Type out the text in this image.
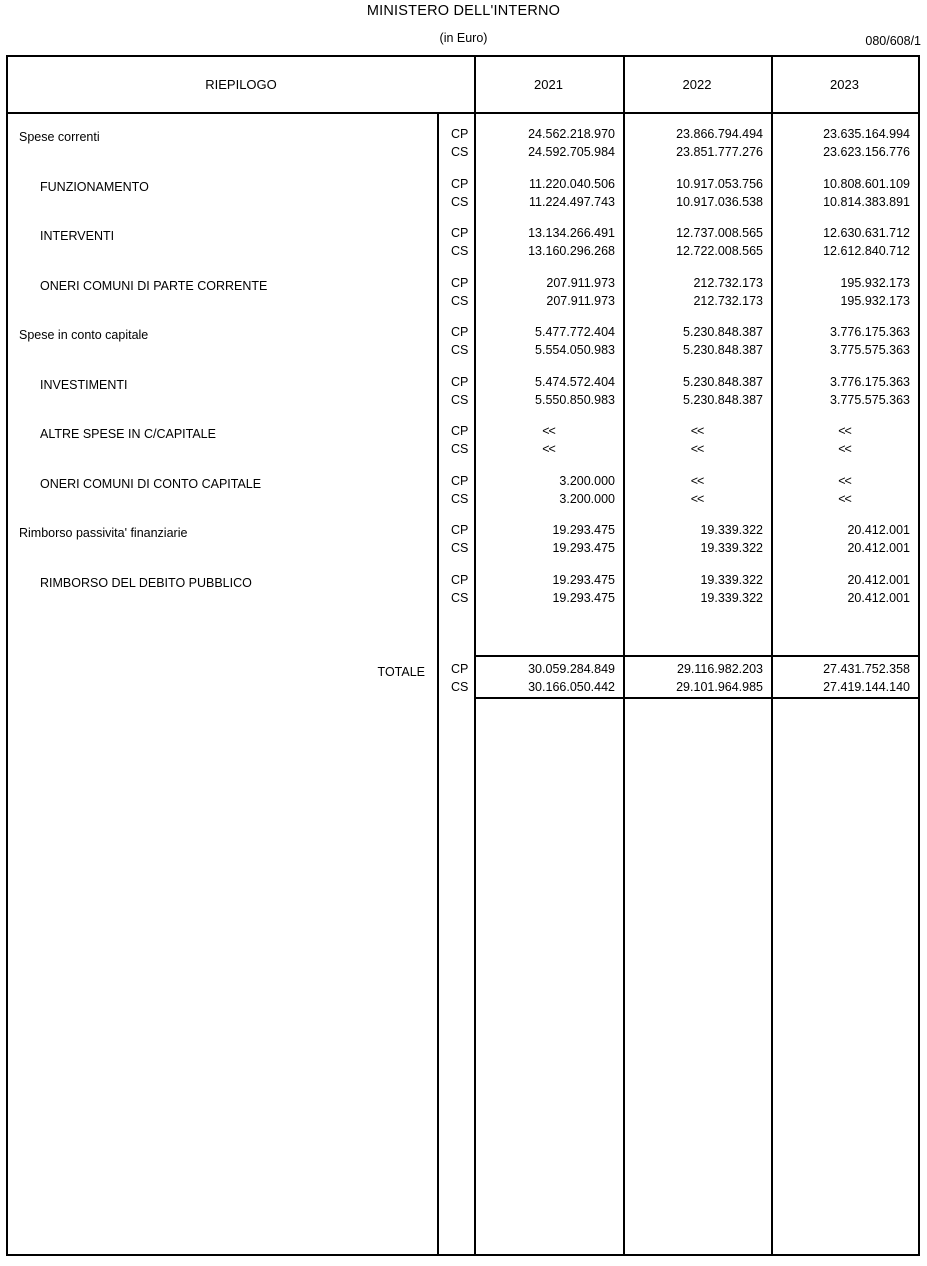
MINISTERO DELL'INTERNO
(in Euro)	080/608/1
RIEPILOGO	2021	2022	2023
Spese correnti	CP	24.562.218.970	23.866.794.494	23.635.164.994
CS	24.592.705.984	23.851.777.276	23.623.156.776
FUNZIONAMENTO	CP	11.220.040.506	10.917.053.756	10.808.601.109
CS	11.224.497.743	10.917.036.538	10.814.383.891
INTERVENTI	CP	13.134.266.491	12.737.008.565	12.630.631.712
CS	13.160.296.268	12.722.008.565	12.612.840.712
ONERI COMUNI DI PARTE CORRENTE	CP	207.911.973	212.732.173	195.932.173
CS	207.911.973	212.732.173	195.932.173
Spese in conto capitale	CP	5.477.772.404	5.230.848.387	3.776.175.363
CS	5.554.050.983	5.230.848.387	3.775.575.363
INVESTIMENTI	CP	5.474.572.404	5.230.848.387	3.776.175.363
CS	5.550.850.983	5.230.848.387	3.775.575.363
ALTRE SPESE IN C/CAPITALE	CP	<<	<<	<<
CS	<<	<<	<<
ONERI COMUNI DI CONTO CAPITALE	CP	3.200.000	<<	<<
CS	3.200.000	<<	<<
Rimborso passivita' finanziarie	CP	19.293.475	19.339.322	20.412.001
CS	19.293.475	19.339.322	20.412.001
RIMBORSO DEL DEBITO PUBBLICO	CP	19.293.475	19.339.322	20.412.001
CS	19.293.475	19.339.322	20.412.001
TOTALE CP	30.059.284.849	29.116.982.203	27.431.752.358
CS	30.166.050.442	29.101.964.985	27.419.144.140
